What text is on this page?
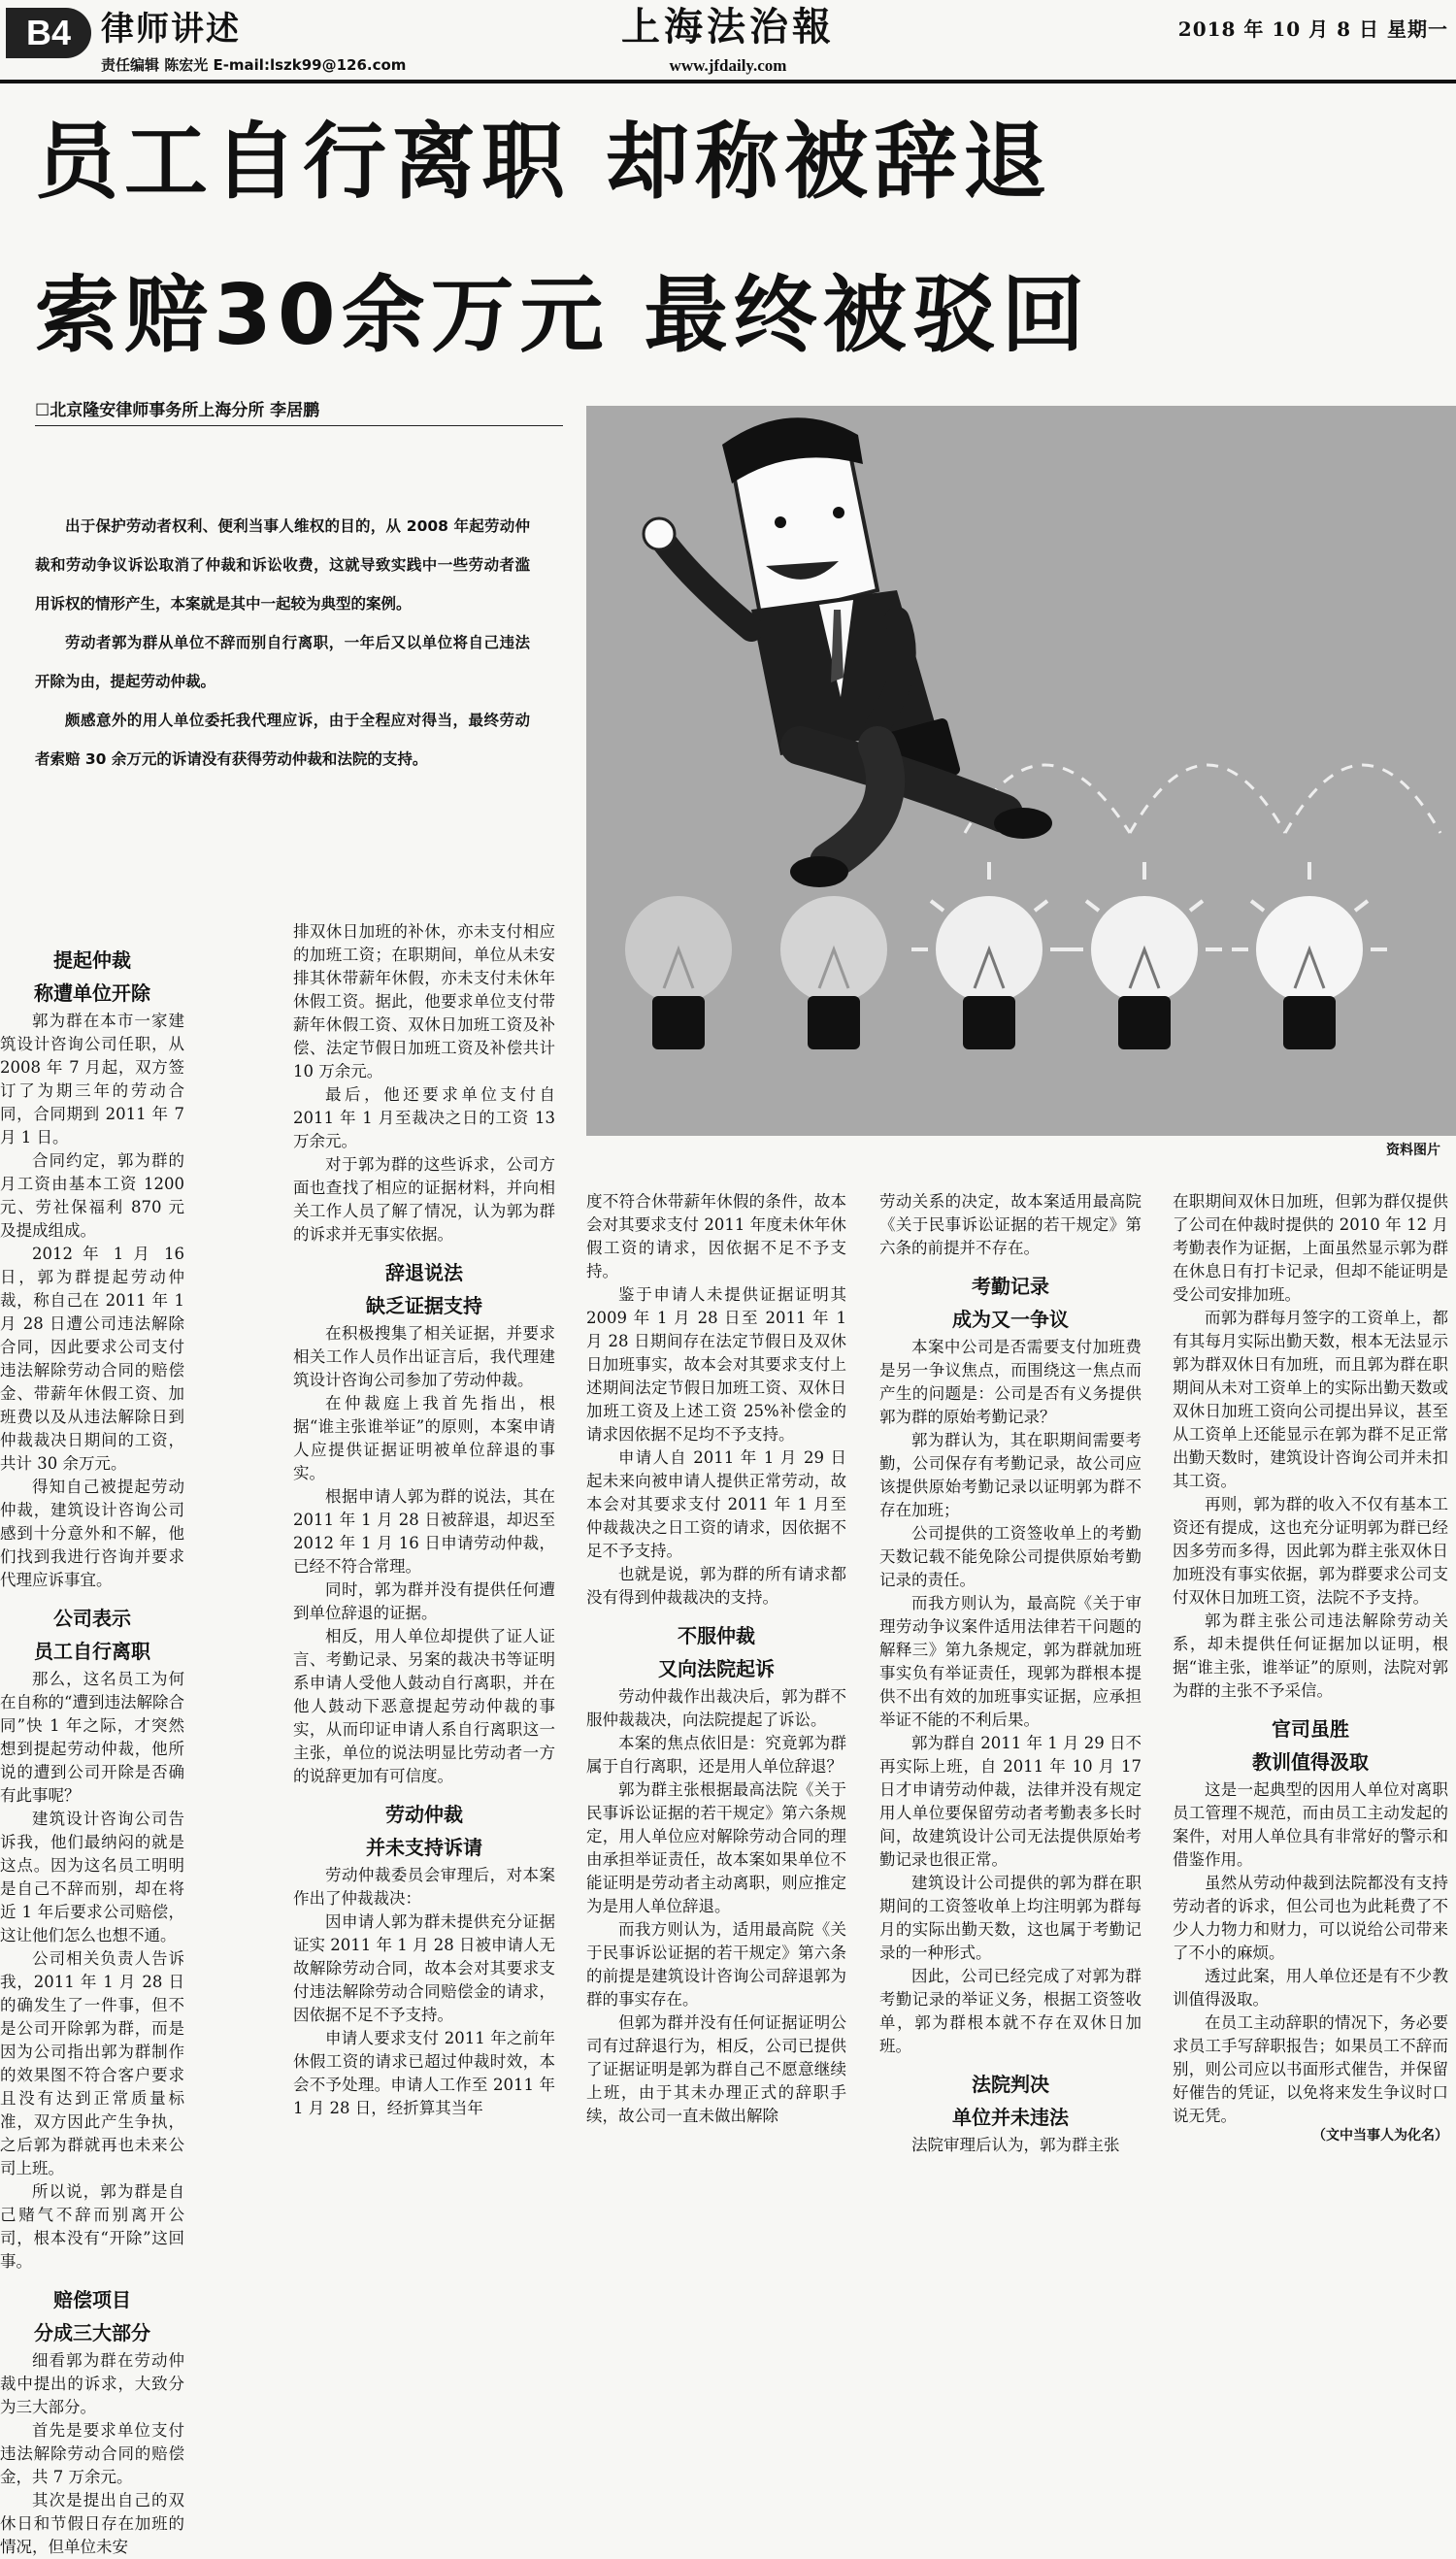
B4 律师讲述
责任编辑 陈宏光 E-mail:lszk99@126.com
上海法治報
www.jfdaily.com
2018 年 10 月 8 日 星期一
员工自行离职 却称被辞退
索赔30余万元 最终被驳回
☐北京隆安律师事务所上海分所 李居鹏

出于保护劳动者权利、便利当事人维权的目的，从 2008 年起劳动仲裁和劳动争议诉讼取消了仲裁和诉讼收费，这就导致实践中一些劳动者滥用诉权的情形产生，本案就是其中一起较为典型的案例。

劳动者郭为群从单位不辞而别自行离职，一年后又以单位将自己违法开除为由，提起劳动仲裁。

颇感意外的用人单位委托我代理应诉，由于全程应对得当，最终劳动者索赔 30 余万元的诉请没有获得劳动仲裁和法院的支持。

资料图片
提起仲裁
称遭单位开除

郭为群在本市一家建筑设计咨询公司任职，从 2008 年 7 月起，双方签订了为期三年的劳动合同，合同期到 2011 年 7 月 1 日。

合同约定，郭为群的月工资由基本工资 1200 元、劳社保福利 870 元及提成组成。

2012 年 1 月 16 日，郭为群提起劳动仲裁，称自己在 2011 年 1 月 28 日遭公司违法解除合同，因此要求公司支付违法解除劳动合同的赔偿金、带薪年休假工资、加班费以及从违法解除日到仲裁裁决日期间的工资，共计 30 余万元。

得知自己被提起劳动仲裁，建筑设计咨询公司感到十分意外和不解，他们找到我进行咨询并要求代理应诉事宜。

公司表示
员工自行离职

那么，这名员工为何在自称的“遭到违法解除合同”快 1 年之际，才突然想到提起劳动仲裁，他所说的遭到公司开除是否确有此事呢？

建筑设计咨询公司告诉我，他们最纳闷的就是这点。因为这名员工明明是自己不辞而别，却在将近 1 年后要求公司赔偿，这让他们怎么也想不通。

公司相关负责人告诉我，2011 年 1 月 28 日的确发生了一件事，但不是公司开除郭为群，而是因为公司指出郭为群制作的效果图不符合客户要求且没有达到正常质量标准，双方因此产生争执，之后郭为群就再也未来公司上班。

所以说，郭为群是自己赌气不辞而别离开公司，根本没有“开除”这回事。

赔偿项目
分成三大部分

细看郭为群在劳动仲裁中提出的诉求，大致分为三大部分。

首先是要求单位支付违法解除劳动合同的赔偿金，共 7 万余元。

其次是提出自己的双休日和节假日存在加班的情况，但单位未安

排双休日加班的补休，亦未支付相应的加班工资；在职期间，单位从未安排其休带薪年休假，亦未支付未休年休假工资。据此，他要求单位支付带薪年休假工资、双休日加班工资及补偿、法定节假日加班工资及补偿共计 10 万余元。

最后，他还要求单位支付自 2011 年 1 月至裁决之日的工资 13 万余元。

对于郭为群的这些诉求，公司方面也查找了相应的证据材料，并向相关工作人员了解了情况，认为郭为群的诉求并无事实依据。

辞退说法
缺乏证据支持

在积极搜集了相关证据，并要求相关工作人员作出证言后，我代理建筑设计咨询公司参加了劳动仲裁。

在仲裁庭上我首先指出，根据“谁主张谁举证”的原则，本案申请人应提供证据证明被单位辞退的事实。

根据申请人郭为群的说法，其在 2011 年 1 月 28 日被辞退，却迟至 2012 年 1 月 16 日申请劳动仲裁，已经不符合常理。

同时，郭为群并没有提供任何遭到单位辞退的证据。

相反，用人单位却提供了证人证言、考勤记录、另案的裁决书等证明系申请人受他人鼓动自行离职，并在他人鼓动下恶意提起劳动仲裁的事实，从而印证申请人系自行离职这一主张，单位的说法明显比劳动者一方的说辞更加有可信度。

劳动仲裁
并未支持诉请

劳动仲裁委员会审理后，对本案作出了仲裁裁决：

因申请人郭为群未提供充分证据证实 2011 年 1 月 28 日被申请人无故解除劳动合同，故本会对其要求支付违法解除劳动合同赔偿金的请求，因依据不足不予支持。

申请人要求支付 2011 年之前年休假工资的请求已超过仲裁时效，本会不予处理。申请人工作至 2011 年 1 月 28 日，经折算其当年

度不符合休带薪年休假的条件，故本会对其要求支付 2011 年度未休年休假工资的请求，因依据不足不予支持。

鉴于申请人未提供证据证明其 2009 年 1 月 28 日至 2011 年 1 月 28 日期间存在法定节假日及双休日加班事实，故本会对其要求支付上述期间法定节假日加班工资、双休日加班工资及上述工资 25%补偿金的请求因依据不足均不予支持。

申请人自 2011 年 1 月 29 日起未来向被申请人提供正常劳动，故本会对其要求支付 2011 年 1 月至仲裁裁决之日工资的请求，因依据不足不予支持。

也就是说，郭为群的所有请求都没有得到仲裁裁决的支持。

不服仲裁
又向法院起诉

劳动仲裁作出裁决后，郭为群不服仲裁裁决，向法院提起了诉讼。

本案的焦点依旧是：究竟郭为群属于自行离职，还是用人单位辞退？

郭为群主张根据最高法院《关于民事诉讼证据的若干规定》第六条规定，用人单位应对解除劳动合同的理由承担举证责任，故本案如果单位不能证明是劳动者主动离职，则应推定为是用人单位辞退。

而我方则认为，适用最高院《关于民事诉讼证据的若干规定》第六条的前提是建筑设计咨询公司辞退郭为群的事实存在。

但郭为群并没有任何证据证明公司有过辞退行为，相反，公司已提供了证据证明是郭为群自己不愿意继续上班，由于其未办理正式的辞职手续，故公司一直未做出解除

劳动关系的决定，故本案适用最高院《关于民事诉讼证据的若干规定》第六条的前提并不存在。

考勤记录
成为又一争议

本案中公司是否需要支付加班费是另一争议焦点，而围绕这一焦点而产生的问题是：公司是否有义务提供郭为群的原始考勤记录？

郭为群认为，其在职期间需要考勤，公司保存有考勤记录，故公司应该提供原始考勤记录以证明郭为群不存在加班；

公司提供的工资签收单上的考勤天数记载不能免除公司提供原始考勤记录的责任。

而我方则认为，最高院《关于审理劳动争议案件适用法律若干问题的解释三》第九条规定，郭为群就加班事实负有举证责任，现郭为群根本提供不出有效的加班事实证据，应承担举证不能的不利后果。

郭为群自 2011 年 1 月 29 日不再实际上班，自 2011 年 10 月 17 日才申请劳动仲裁，法律并没有规定用人单位要保留劳动者考勤表多长时间，故建筑设计公司无法提供原始考勤记录也很正常。

建筑设计公司提供的郭为群在职期间的工资签收单上均注明郭为群每月的实际出勤天数，这也属于考勤记录的一种形式。

因此，公司已经完成了对郭为群考勤记录的举证义务，根据工资签收单，郭为群根本就不存在双休日加班。

法院判决
单位并未违法

法院审理后认为，郭为群主张

在职期间双休日加班，但郭为群仅提供了公司在仲裁时提供的 2010 年 12 月考勤表作为证据，上面虽然显示郭为群在休息日有打卡记录，但却不能证明是受公司安排加班。

而郭为群每月签字的工资单上，都有其每月实际出勤天数，根本无法显示郭为群双休日有加班，而且郭为群在职期间从未对工资单上的实际出勤天数或双休日加班工资向公司提出异议，甚至从工资单上还能显示在郭为群不足正常出勤天数时，建筑设计咨询公司并未扣其工资。

再则，郭为群的收入不仅有基本工资还有提成，这也充分证明郭为群已经因多劳而多得，因此郭为群主张双休日加班没有事实依据，郭为群要求公司支付双休日加班工资，法院不予支持。

郭为群主张公司违法解除劳动关系，却未提供任何证据加以证明，根据“谁主张，谁举证”的原则，法院对郭为群的主张不予采信。

官司虽胜
教训值得汲取

这是一起典型的因用人单位对离职员工管理不规范，而由员工主动发起的案件，对用人单位具有非常好的警示和借鉴作用。

虽然从劳动仲裁到法院都没有支持劳动者的诉求，但公司也为此耗费了不少人力物力和财力，可以说给公司带来了不小的麻烦。

透过此案，用人单位还是有不少教训值得汲取。

在员工主动辞职的情况下，务必要求员工手写辞职报告；如果员工不辞而别，则公司应以书面形式催告，并保留好催告的凭证，以免将来发生争议时口说无凭。

（文中当事人为化名）
